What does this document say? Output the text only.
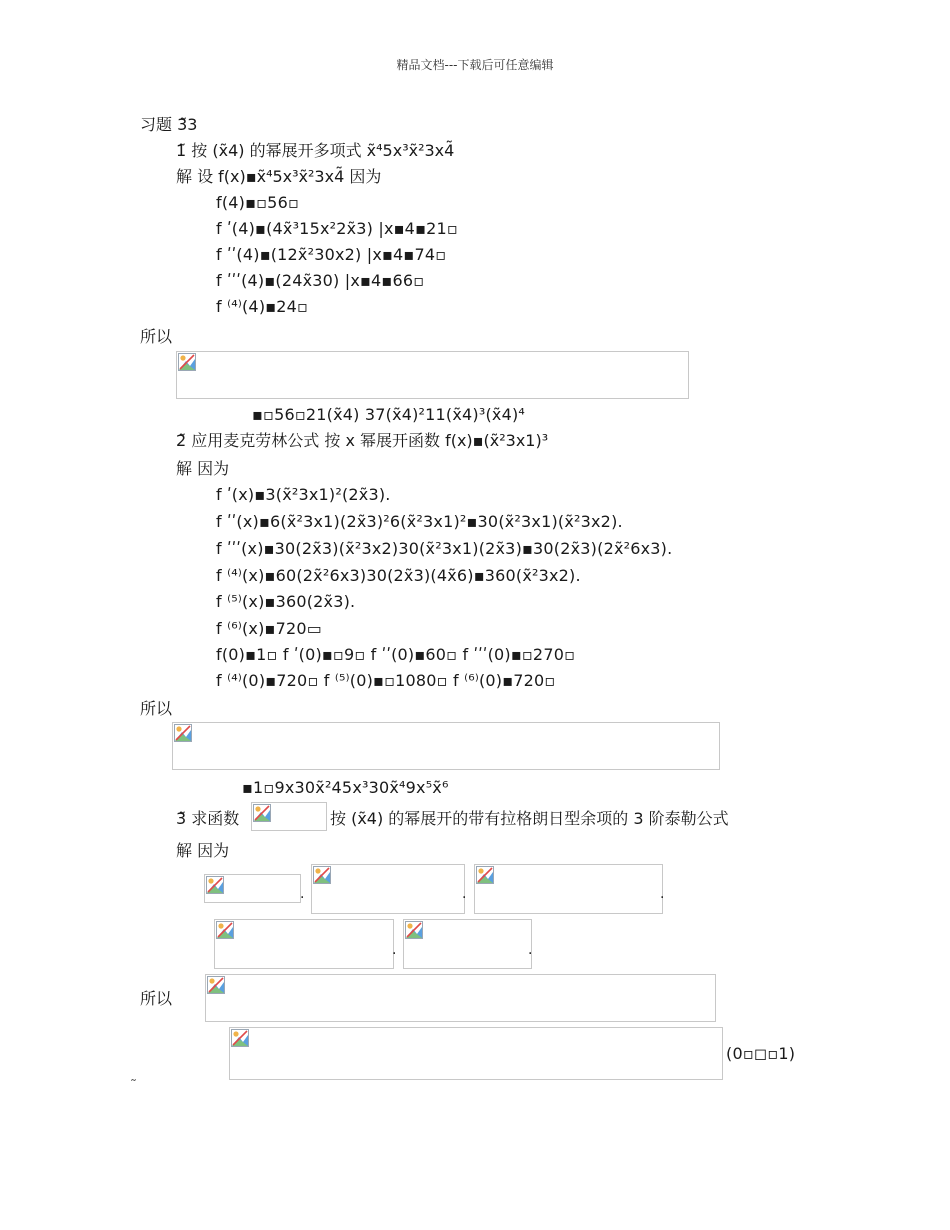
精品文档---下载后可任意编辑
习题 3̃3
1̃ 按 (x̃4) 的幂展开多项式 x̃⁴5x³x̃²3x4̃
解 设 f(x)▪x̃⁴5x³x̃²3x4̃ 因为
f(4)▪▫56▫
f ʹ(4)▪(4x̃³15x²2x̃3) |x▪4▪21▫
f ʹʹ(4)▪(12x̃²30x2) |x▪4▪74▫
f ʹʹʹ(4)▪(24x̃30) |x▪4▪66▫
f ⁽⁴⁾(4)▪24▫
所以
▪▫56▫21(x̃4) 37(x̃4)²11(x̃4)³(x̃4)⁴
2̃ 应用麦克劳林公式 按 x 幂展开函数 f(x)▪(x̃²3x1)³
解 因为
f ʹ(x)▪3(x̃²3x1)²(2x̃3).
f ʹʹ(x)▪6(x̃²3x1)(2x̃3)²6(x̃²3x1)²▪30(x̃²3x1)(x̃²3x2).
f ʹʹʹ(x)▪30(2x̃3)(x̃²3x2)30(x̃²3x1)(2x̃3)▪30(2x̃3)(2x̃²6x3).
f ⁽⁴⁾(x)▪60(2x̃²6x3)30(2x̃3)(4x̃6)▪360(x̃²3x2).
f ⁽⁵⁾(x)▪360(2x̃3).
f ⁽⁶⁾(x)▪720▭
f(0)▪1▫ f ʹ(0)▪▫9▫ f ʹʹ(0)▪60▫ f ʹʹʹ(0)▪▫270▫
f ⁽⁴⁾(0)▪720▫ f ⁽⁵⁾(0)▪▫1080▫ f ⁽⁶⁾(0)▪720▫
所以
▪1▫9x30x̃²45x³30x̃⁴9x⁵x̃⁶
3̃ 求函数	按 (x̃4) 的幂展开的带有拉格朗日型余项的 3 阶泰勒公式
解 因为
.	.	.
.	.
所以
(0▫◻▫1)
˜
